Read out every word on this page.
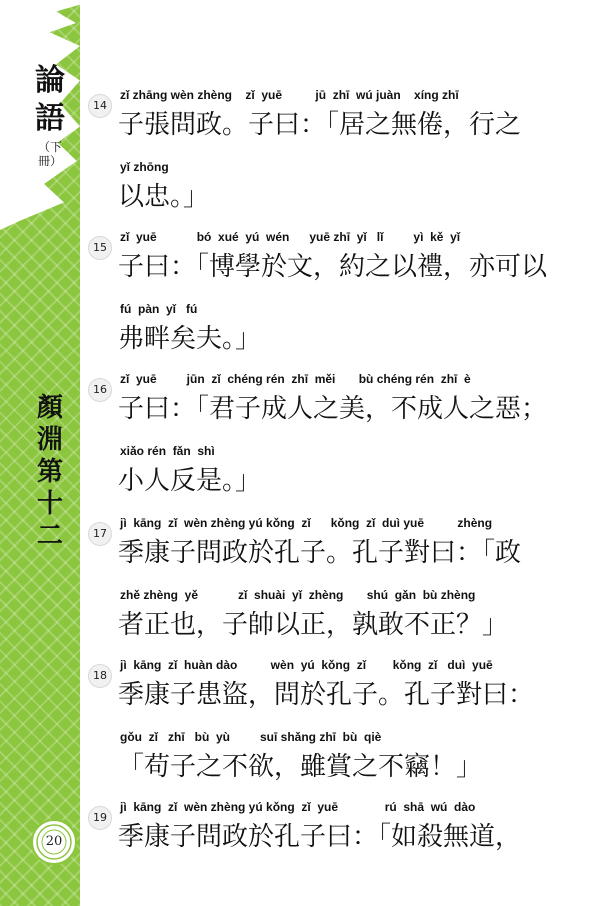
論語
（下冊）
顏淵第十二
20
14
zǐ zhāng wèn zhèng    zǐ  yuē          jū  zhī  wú juàn    xíng zhī
子張問政。子曰：「居之無倦，行之
yǐ zhōng
以忠。」
15
zǐ  yuē            bó  xué  yú  wén      yuē zhī  yǐ   lǐ         yì  kě  yǐ
子曰：「博學於文，約之以禮，亦可以
fú  pàn  yǐ   fú
弗畔矣夫。」
16
zǐ  yuē         jūn  zǐ  chéng rén  zhī  měi       bù chéng rén  zhī  è
子曰：「君子成人之美，不成人之惡；
xiǎo rén  fǎn  shì
小人反是。」
17
jì  kāng  zǐ  wèn zhèng yú kǒng  zǐ      kǒng  zǐ  duì yuē          zhèng
季康子問政於孔子。孔子對曰：「政
zhě zhèng  yě            zǐ  shuài  yǐ  zhèng       shú  gǎn  bù zhèng
者正也，子帥以正，孰敢不正？」
18
jì  kāng  zǐ  huàn dào          wèn  yú  kǒng  zǐ        kǒng  zǐ   duì  yuē
季康子患盜，問於孔子。孔子對曰：
gǒu  zǐ   zhī   bù  yù         suī shǎng zhī  bù  qiè
「苟子之不欲，雖賞之不竊！」
19
jì  kāng  zǐ  wèn zhèng yú kǒng  zǐ  yuē              rú  shā  wú  dào
季康子問政於孔子曰：「如殺無道，
